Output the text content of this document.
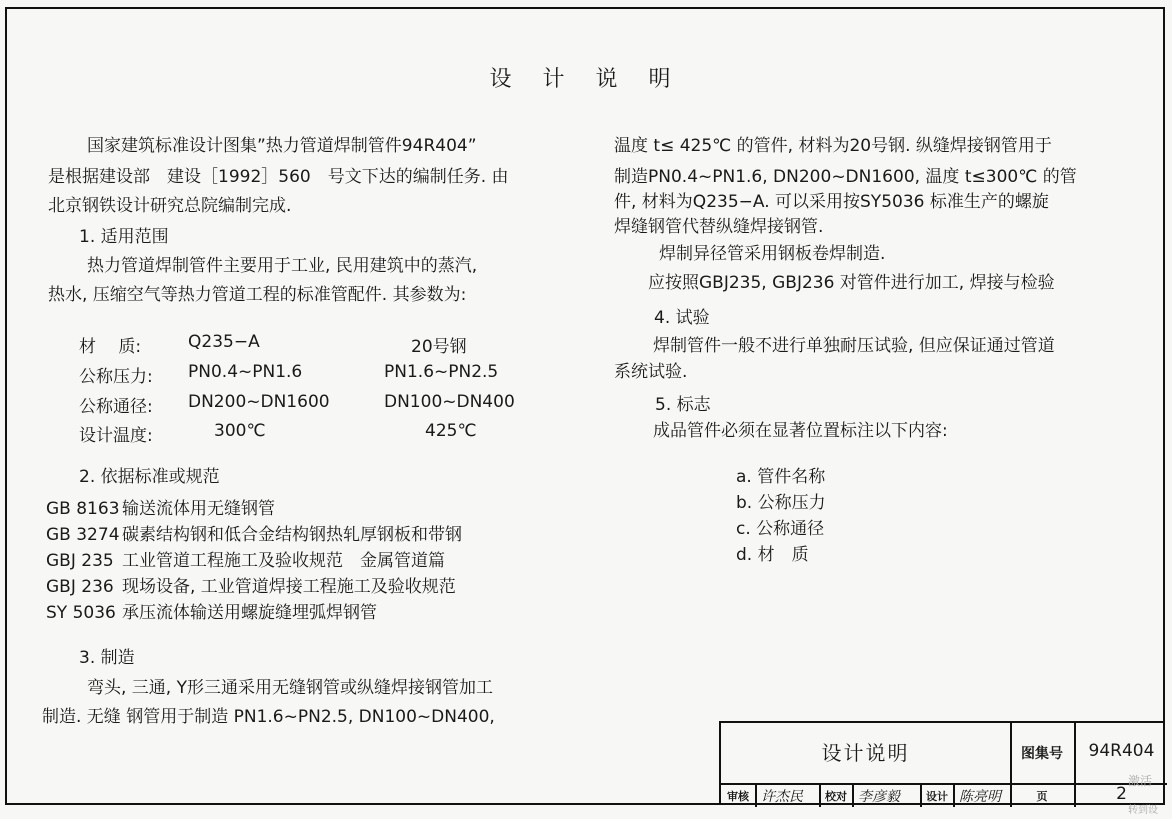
设 计 说 明
国家建筑标准设计图集”热力管道焊制管件94R404”
是根据建设部　建设［1992］560　号文下达的编制任务. 由
北京钢铁设计研究总院编制完成.
1. 适用范围
热力管道焊制管件主要用于工业, 民用建筑中的蒸汽,
热水, 压缩空气等热力管道工程的标准管配件. 其参数为:
材　 质:	Q235−A	20号钢
公称压力: PN0.4~PN1.6	PN1.6~PN2.5
公称通径: DN200~DN1600	DN100~DN400
设计温度:	300℃	425℃
2. 依据标准或规范
GB 8163 输送流体用无缝钢管
GB 3274 碳素结构钢和低合金结构钢热轧厚钢板和带钢
GBJ 235 工业管道工程施工及验收规范　金属管道篇
GBJ 236 现场设备, 工业管道焊接工程施工及验收规范
SY 5036 承压流体输送用螺旋缝埋弧焊钢管
3. 制造
弯头, 三通, Y形三通采用无缝钢管或纵缝焊接钢管加工
制造. 无缝 钢管用于制造 PN1.6~PN2.5, DN100~DN400,
温度 t≤ 425℃ 的管件, 材料为20号钢. 纵缝焊接钢管用于
制造PN0.4~PN1.6, DN200~DN1600, 温度 t≤300℃ 的管
件, 材料为Q235−A. 可以采用按SY5036 标准生产的螺旋
焊缝钢管代替纵缝焊接钢管.
焊制异径管采用钢板卷焊制造.
应按照GBJ235, GBJ236 对管件进行加工, 焊接与检验
4. 试验
焊制管件一般不进行单独耐压试验, 但应保证通过管道
系统试验.
5. 标志
成品管件必须在显著位置标注以下内容:
a. 管件名称
b. 公称压力
c. 公称通径
d. 材　质
设计说明	图集号	94R404
审核 许杰民 校对 李彦毅 设计 陈亮明	页	2
激活
转到设
